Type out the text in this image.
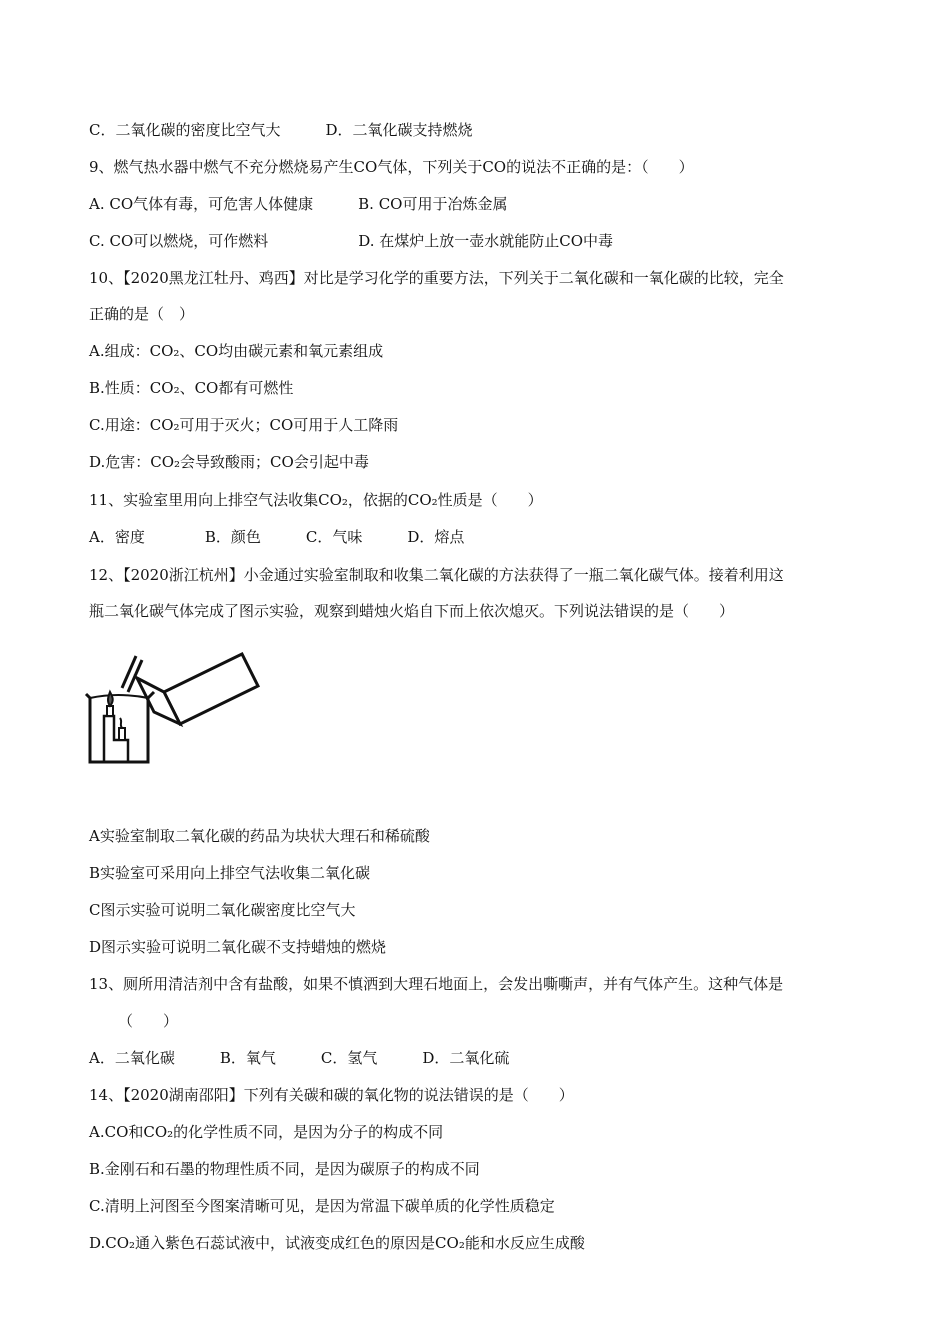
C．二氧化碳的密度比空气大　　　D．二氧化碳支持燃烧
9、燃气热水器中燃气不充分燃烧易产生CO气体，下列关于CO的说法不正确的是：（　　）
A. CO气体有毒，可危害人体健康　　　B. CO可用于冶炼金属
C. CO可以燃烧，可作燃料　　　　　　D. 在煤炉上放一壶水就能防止CO中毒
10、【2020黑龙江牡丹、鸡西】对比是学习化学的重要方法，下列关于二氧化碳和一氧化碳的比较，完全
正确的是（　）
A.组成：CO₂、CO均由碳元素和氧元素组成
B.性质：CO₂、CO都有可燃性
C.用途：CO₂可用于灭火；CO可用于人工降雨
D.危害：CO₂会导致酸雨；CO会引起中毒
11、实验室里用向上排空气法收集CO₂，依据的CO₂性质是（　　）
A．密度　　　　B．颜色　　　C．气味　　　D．熔点
12、【2020浙江杭州】小金通过实验室制取和收集二氧化碳的方法获得了一瓶二氧化碳气体。接着利用这
瓶二氧化碳气体完成了图示实验，观察到蜡烛火焰自下而上依次熄灭。下列说法错误的是（　　）
A实验室制取二氧化碳的药品为块状大理石和稀硫酸
B实验室可采用向上排空气法收集二氧化碳
C图示实验可说明二氧化碳密度比空气大
D图示实验可说明二氧化碳不支持蜡烛的燃烧
13、厕所用清洁剂中含有盐酸，如果不慎洒到大理石地面上，会发出嘶嘶声，并有气体产生。这种气体是
（　　）
A．二氧化碳　　　B．氧气　　　C．氢气　　　D．二氧化硫
14、【2020湖南邵阳】下列有关碳和碳的氧化物的说法错误的是（　　）
A.CO和CO₂的化学性质不同，是因为分子的构成不同
B.金刚石和石墨的物理性质不同，是因为碳原子的构成不同
C.清明上河图至今图案清晰可见，是因为常温下碳单质的化学性质稳定
D.CO₂通入紫色石蕊试液中，试液变成红色的原因是CO₂能和水反应生成酸
